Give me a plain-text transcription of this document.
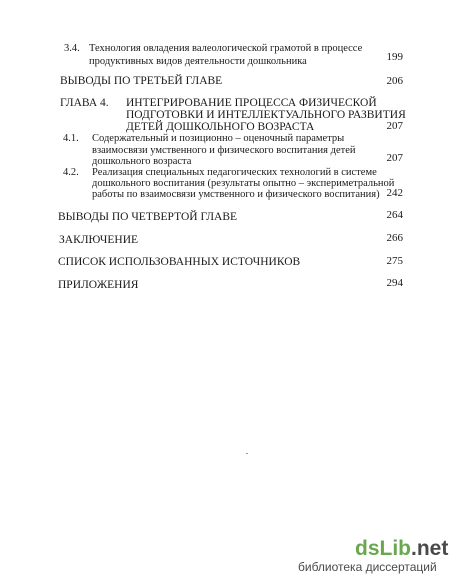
3.4. Технология овладения валеологической грамотой в процессе
продуктивных видов деятельности дошкольника	199
ВЫВОДЫ ПО ТРЕТЬЕЙ ГЛАВЕ	206
ГЛАВА 4. ИНТЕГРИРОВАНИЕ ПРОЦЕССА ФИЗИЧЕСКОЙ
ПОДГОТОВКИ И ИНТЕЛЛЕКТУАЛЬНОГО РАЗВИТИЯ
ДЕТЕЙ ДОШКОЛЬНОГО ВОЗРАСТА	207
4.1. Содержательный и позиционно – оценочный параметры
взаимосвязи умственного и физического воспитания детей
дошкольного возраста	207
4.2. Реализация специальных педагогических технологий в системе
дошкольного воспитания (результаты опытно – экспериметральной
работы по взаимосвязи умственного и физического воспитания) 242
ВЫВОДЫ ПО ЧЕТВЕРТОЙ ГЛАВЕ	264
ЗАКЛЮЧЕНИЕ	266
СПИСОК ИСПОЛЬЗОВАННЫХ ИСТОЧНИКОВ	275
ПРИЛОЖЕНИЯ	294
dsLib.net
библиотека диссертаций
